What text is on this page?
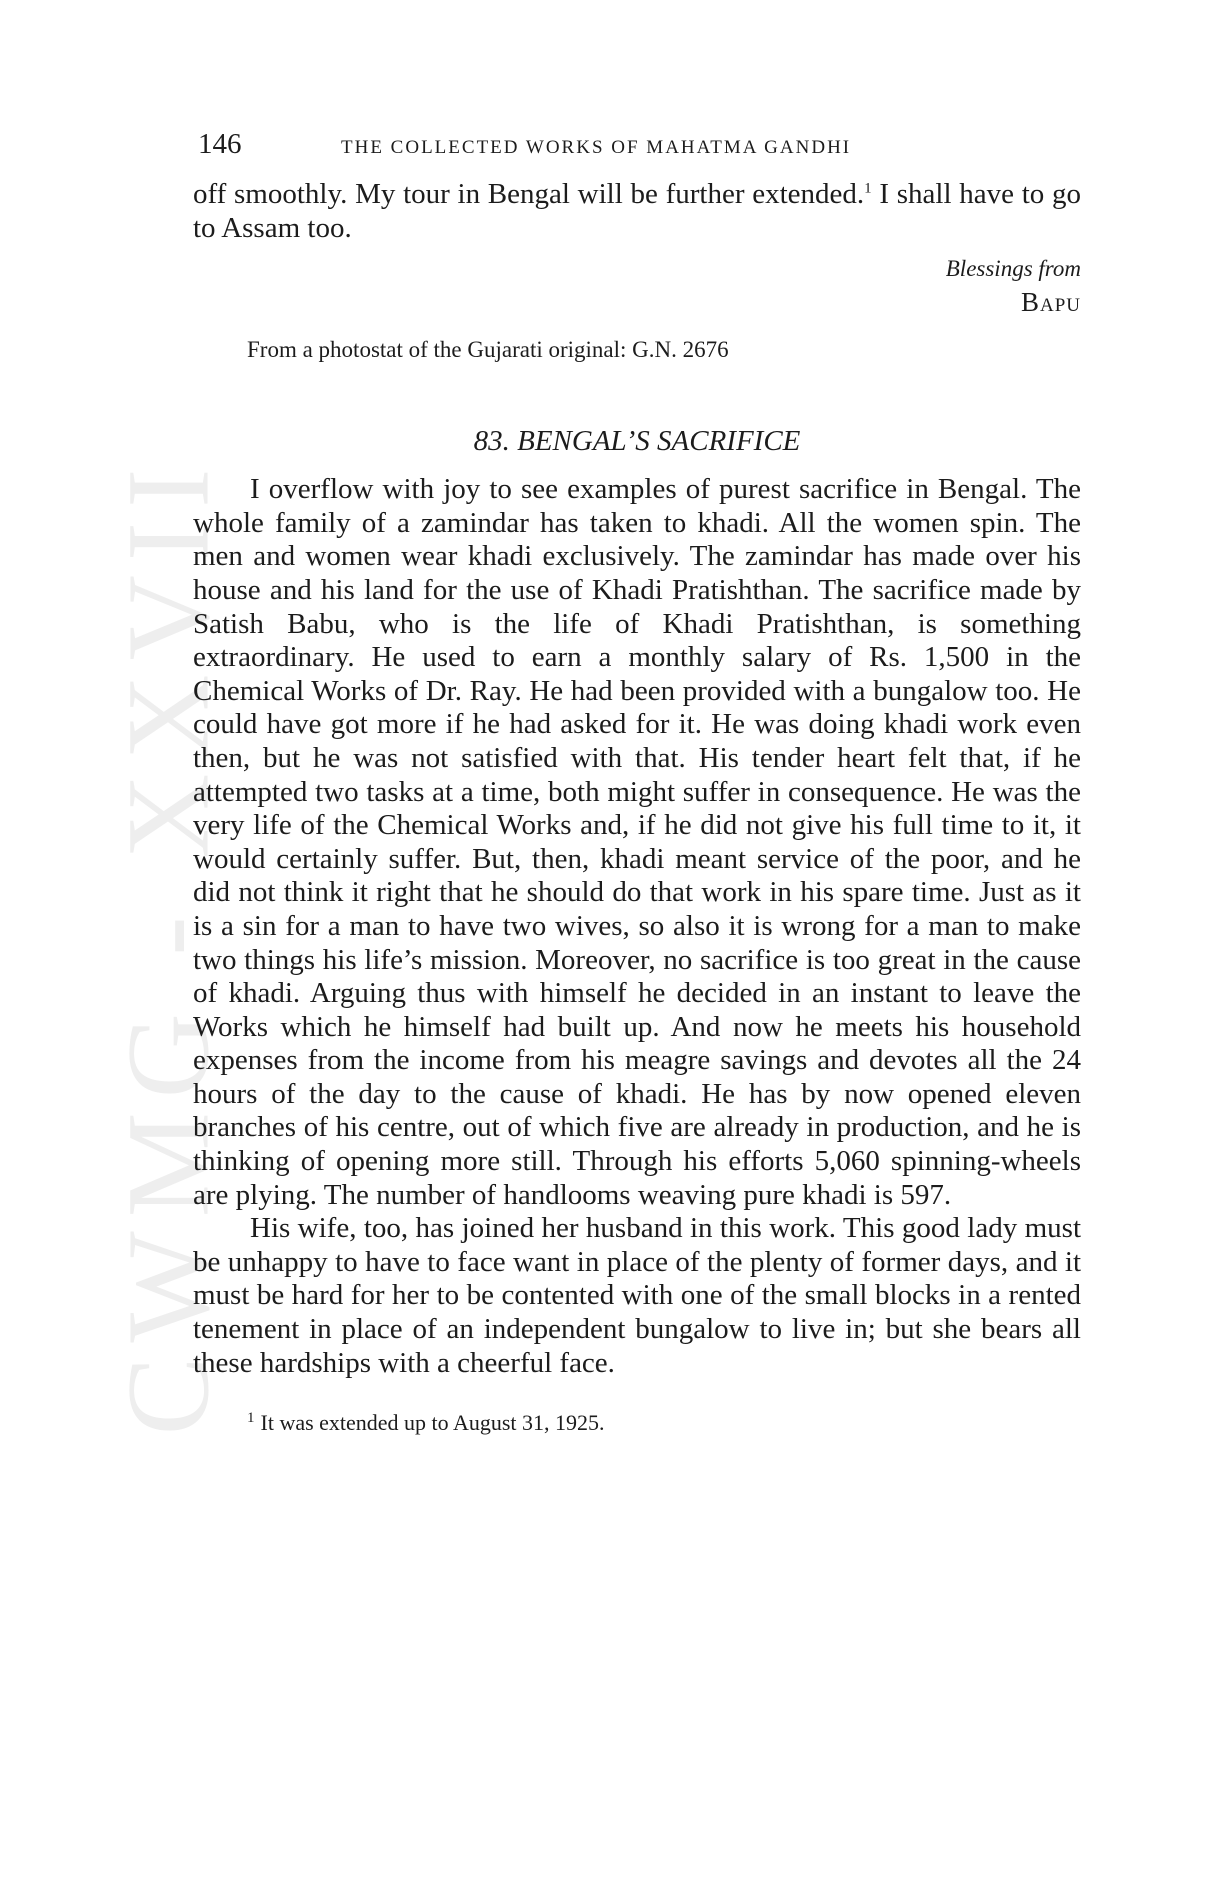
CWMG - XXVII
146	THE COLLECTED WORKS OF MAHATMA GANDHI

off smoothly. My tour in Bengal will be further extended.$^1$ I shall have to go to Assam too.

Blessings from
Bapu
From a photostat of the Gujarati original: G.N. 2676
83. BENGAL’S SACRIFICE

I overflow with joy to see examples of purest sacrifice in Bengal. The whole family of a zamindar has taken to khadi. All the women spin. The men and women wear khadi exclusively. The zamindar has made over his house and his land for the use of Khadi Pratishthan. The sacrifice made by Satish Babu, who is the life of Khadi Pratishthan, is something extraordinary. He used to earn a monthly salary of Rs. 1,500 in the Chemical Works of Dr. Ray. He had been provided with a bungalow too. He could have got more if he had asked for it. He was doing khadi work even then, but he was not satisfied with that. His tender heart felt that, if he attempted two tasks at a time, both might suffer in consequence. He was the very life of the Chemical Works and, if he did not give his full time to it, it would certainly suffer. But, then, khadi meant service of the poor, and he did not think it right that he should do that work in his spare time. Just as it is a sin for a man to have two wives, so also it is wrong for a man to make two things his life’s mission. Moreover, no sacrifice is too great in the cause of khadi. Arguing thus with himself he decided in an instant to leave the Works which he himself had built up. And now he meets his household expenses from the income from his meagre savings and devotes all the 24 hours of the day to the cause of khadi. He has by now opened eleven branches of his centre, out of which five are already in production, and he is thinking of opening more still. Through his efforts 5,060 spinning-wheels are plying. The number of handlooms weaving pure khadi is 597.

His wife, too, has joined her husband in this work. This good lady must be unhappy to have to face want in place of the plenty of former days, and it must be hard for her to be contented with one of the small blocks in a rented tenement in place of an independent bungalow to live in; but she bears all these hardships with a cheerful face.

$^1$ It was extended up to August 31, 1925.
